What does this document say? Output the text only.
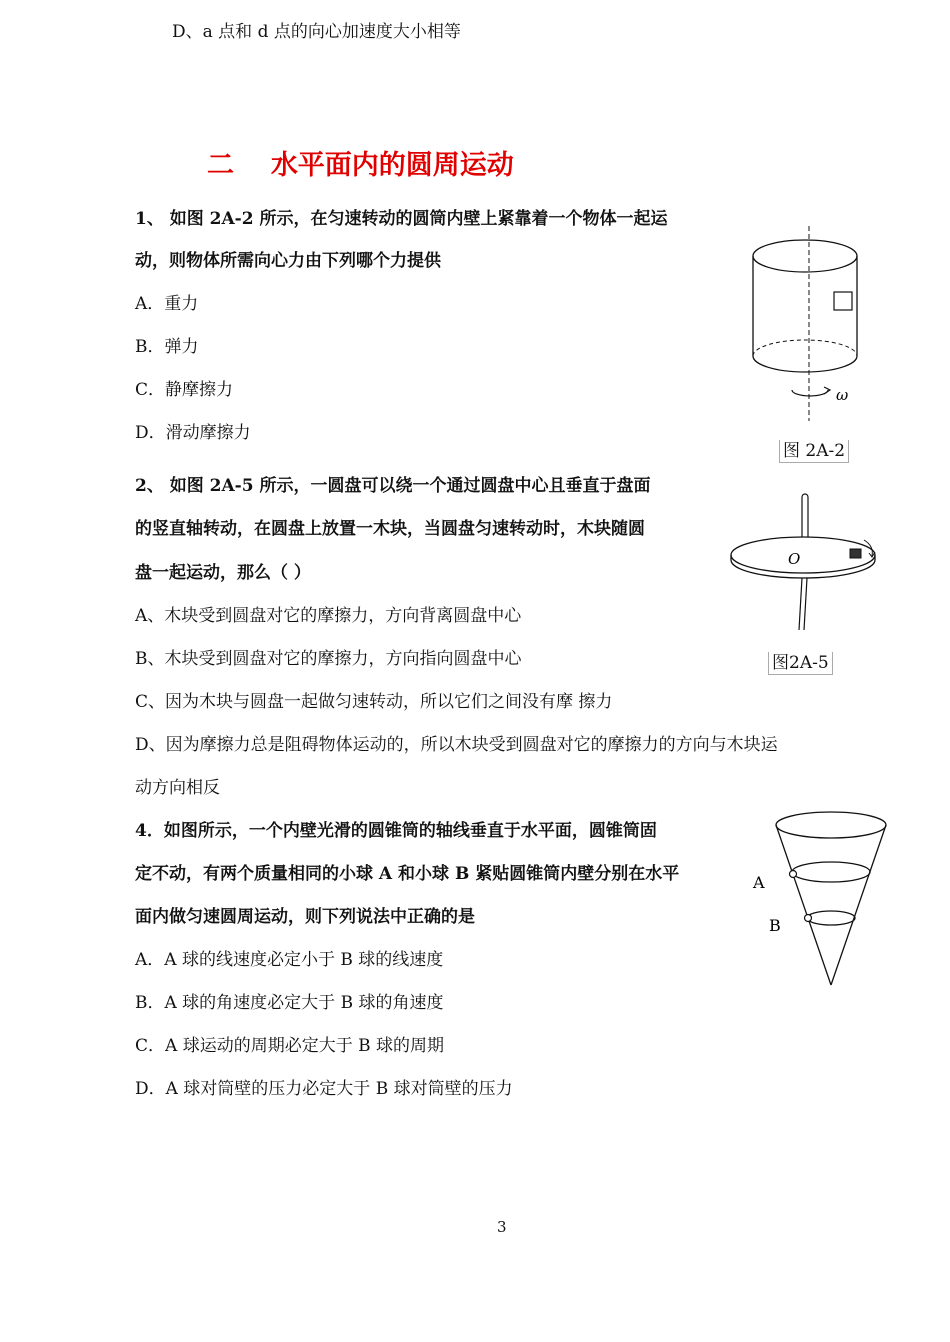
D、a 点和 d 点的向心加速度大小相等
二 水平面内的圆周运动
1、 如图 2A-2 所示，在匀速转动的圆筒内壁上紧靠着一个物体一起运
动，则物体所需向心力由下列哪个力提供
A．重力
B．弹力
C．静摩擦力
D．滑动摩擦力
ω
图 2A-2
2、 如图 2A-5 所示，一圆盘可以绕一个通过圆盘中心且垂直于盘面
的竖直轴转动，在圆盘上放置一木块，当圆盘匀速转动时，木块随圆
盘一起运动，那么（ ）
A、木块受到圆盘对它的摩擦力，方向背离圆盘中心
B、木块受到圆盘对它的摩擦力，方向指向圆盘中心
C、因为木块与圆盘一起做匀速转动，所以它们之间没有摩 擦力
D、因为摩擦力总是阻碍物体运动的，所以木块受到圆盘对它的摩擦力的方向与木块运
动方向相反
O
图2A-5
4．如图所示，一个内壁光滑的圆锥筒的轴线垂直于水平面，圆锥筒固
定不动，有两个质量相同的小球 A 和小球 B 紧贴圆锥筒内壁分别在水平
面内做匀速圆周运动，则下列说法中正确的是
A．A 球的线速度必定小于 B 球的线速度
B．A 球的角速度必定大于 B 球的角速度
C．A 球运动的周期必定大于 B 球的周期
D．A 球对筒壁的压力必定大于 B 球对筒壁的压力
A
B
3
